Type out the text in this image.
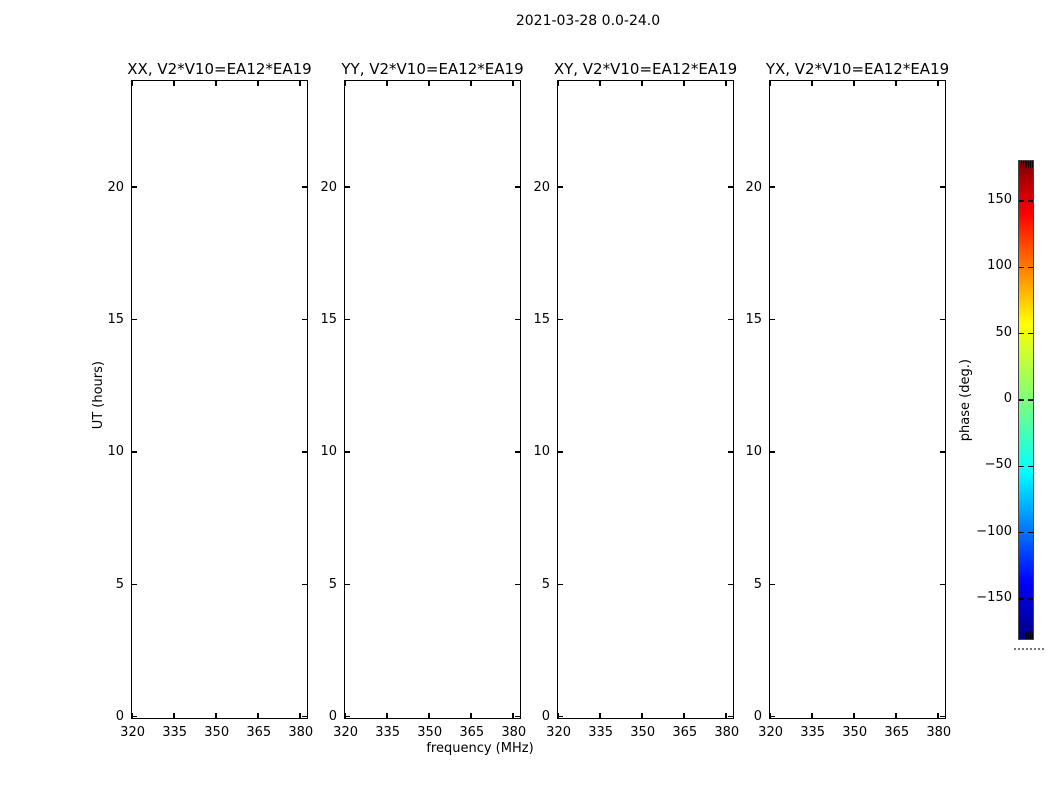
2021-03-28 0.0-24.0
XX, V2*V10=EA12*EA19
320 335 350 365 380
0
5
10
15
20
YY, V2*V10=EA12*EA19
320 335 350 365 380
0
5
10
15
20
XY, V2*V10=EA12*EA19
320 335 350 365 380
0
5
10
15
20
YX, V2*V10=EA12*EA19
320 335 350 365 380
0
5
10
15
20
frequency (MHz)
UT (hours)
150
100
50
0
−50
−100
−150
phase (deg.)
